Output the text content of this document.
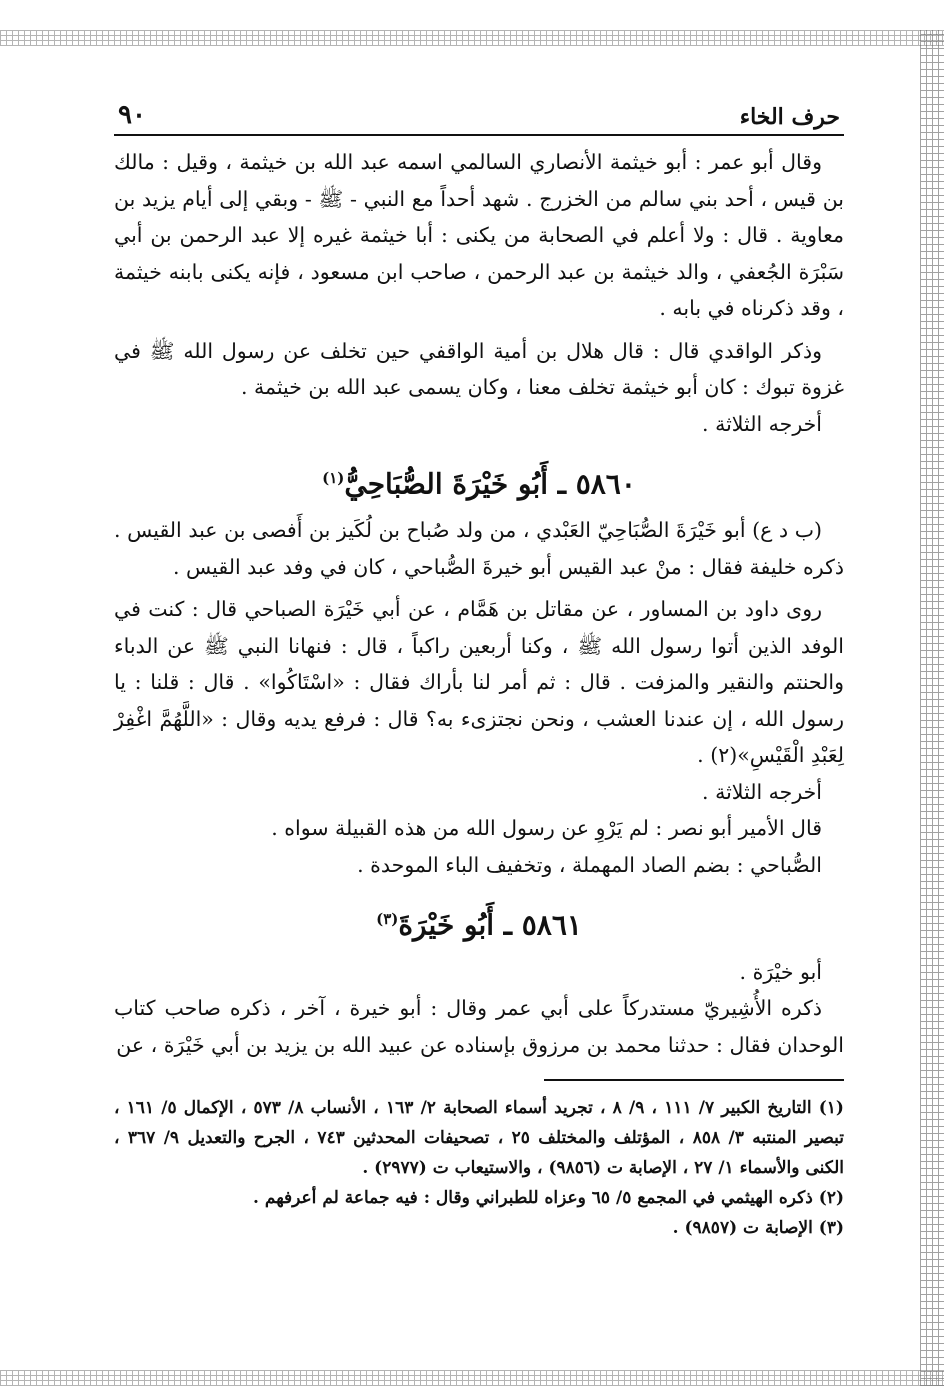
حرف الخاء
٩٠

وقال أبو عمر : أبو خيثمة الأنصاري السالمي اسمه عبد الله بن خيثمة ، وقيل : مالك بن قيس ، أحد بني سالم من الخزرج . شهد أحداً مع النبي - ﷺ - وبقي إلى أيام يزيد بن معاوية . قال : ولا أعلم في الصحابة من يكنى : أبا خيثمة غيره إلا عبد الرحمن بن أبي سَبْرَة الجُعفي ، والد خيثمة بن عبد الرحمن ، صاحب ابن مسعود ، فإنه يكنى بابنه خيثمة ، وقد ذكرناه في بابه .

وذكر الواقدي قال : قال هلال بن أمية الواقفي حين تخلف عن رسول الله ﷺ في غزوة تبوك : كان أبو خيثمة تخلف معنا ، وكان يسمى عبد الله بن خيثمة .

أخرجه الثلاثة .

٥٨٦٠ ـ أَبُو خَيْرَةَ الصُّبَاحِيُّ$^{(١)}$

(ب د ع) أبو خَيْرَةَ الصُّبَاحِيّ العَبْدي ، من ولد صُباح بن لُكَيز بن أَفصى بن عبد القيس . ذكره خليفة فقال : منْ عبد القيس أبو خيرةَ الصُّباحي ، كان في وفد عبد القيس .

روى داود بن المساور ، عن مقاتل بن هَمَّام ، عن أبي خَيْرَة الصباحي قال : كنت في الوفد الذين أتوا رسول الله ﷺ ، وكنا أربعين راكباً ، قال : فنهانا النبي ﷺ عن الدباء والحنتم والنقير والمزفت . قال : ثم أمر لنا بأراك فقال : «اسْتَاكُوا» . قال : قلنا : يا رسول الله ، إن عندنا العشب ، ونحن نجتزىء به؟ قال : فرفع يديه وقال : «اللَّهُمَّ اغْفِرْ لِعَبْدِ الْقَيْسِ»(٢) .

أخرجه الثلاثة .

قال الأمير أبو نصر : لم يَرْوِ عن رسول الله من هذه القبيلة سواه .

الصُّباحي : بضم الصاد المهملة ، وتخفيف الباء الموحدة .

٥٨٦١ ـ أَبُو خَيْرَةَ$^{(٣)}$

أبو خيْرَة .

ذكره الأُشِيريّ مستدركاً على أبي عمر وقال : أبو خيرة ، آخر ، ذكره صاحب كتاب الوحدان فقال : حدثنا محمد بن مرزوق بإسناده عن عبيد الله بن يزيد بن أبي خَيْرَة ، عن

(١) التاريخ الكبير ٧/ ١١١ ، ٩/ ٨ ، تجريد أسماء الصحابة ٢/ ١٦٣ ، الأنساب ٨/ ٥٧٣ ، الإكمال ٥/ ١٦١ ، تبصير المنتبه ٣/ ٨٥٨ ، المؤتلف والمختلف ٢٥ ، تصحيفات المحدثين ٧٤٣ ، الجرح والتعديل ٩/ ٣٦٧ ، الكنى والأسماء ١/ ٢٧ ، الإصابة ت (٩٨٥٦) ، والاستيعاب ت (٢٩٧٧) .

(٢) ذكره الهيثمي في المجمع ٥/ ٦٥ وعزاه للطبراني وقال : فيه جماعة لم أعرفهم .

(٣) الإصابة ت (٩٨٥٧) .
